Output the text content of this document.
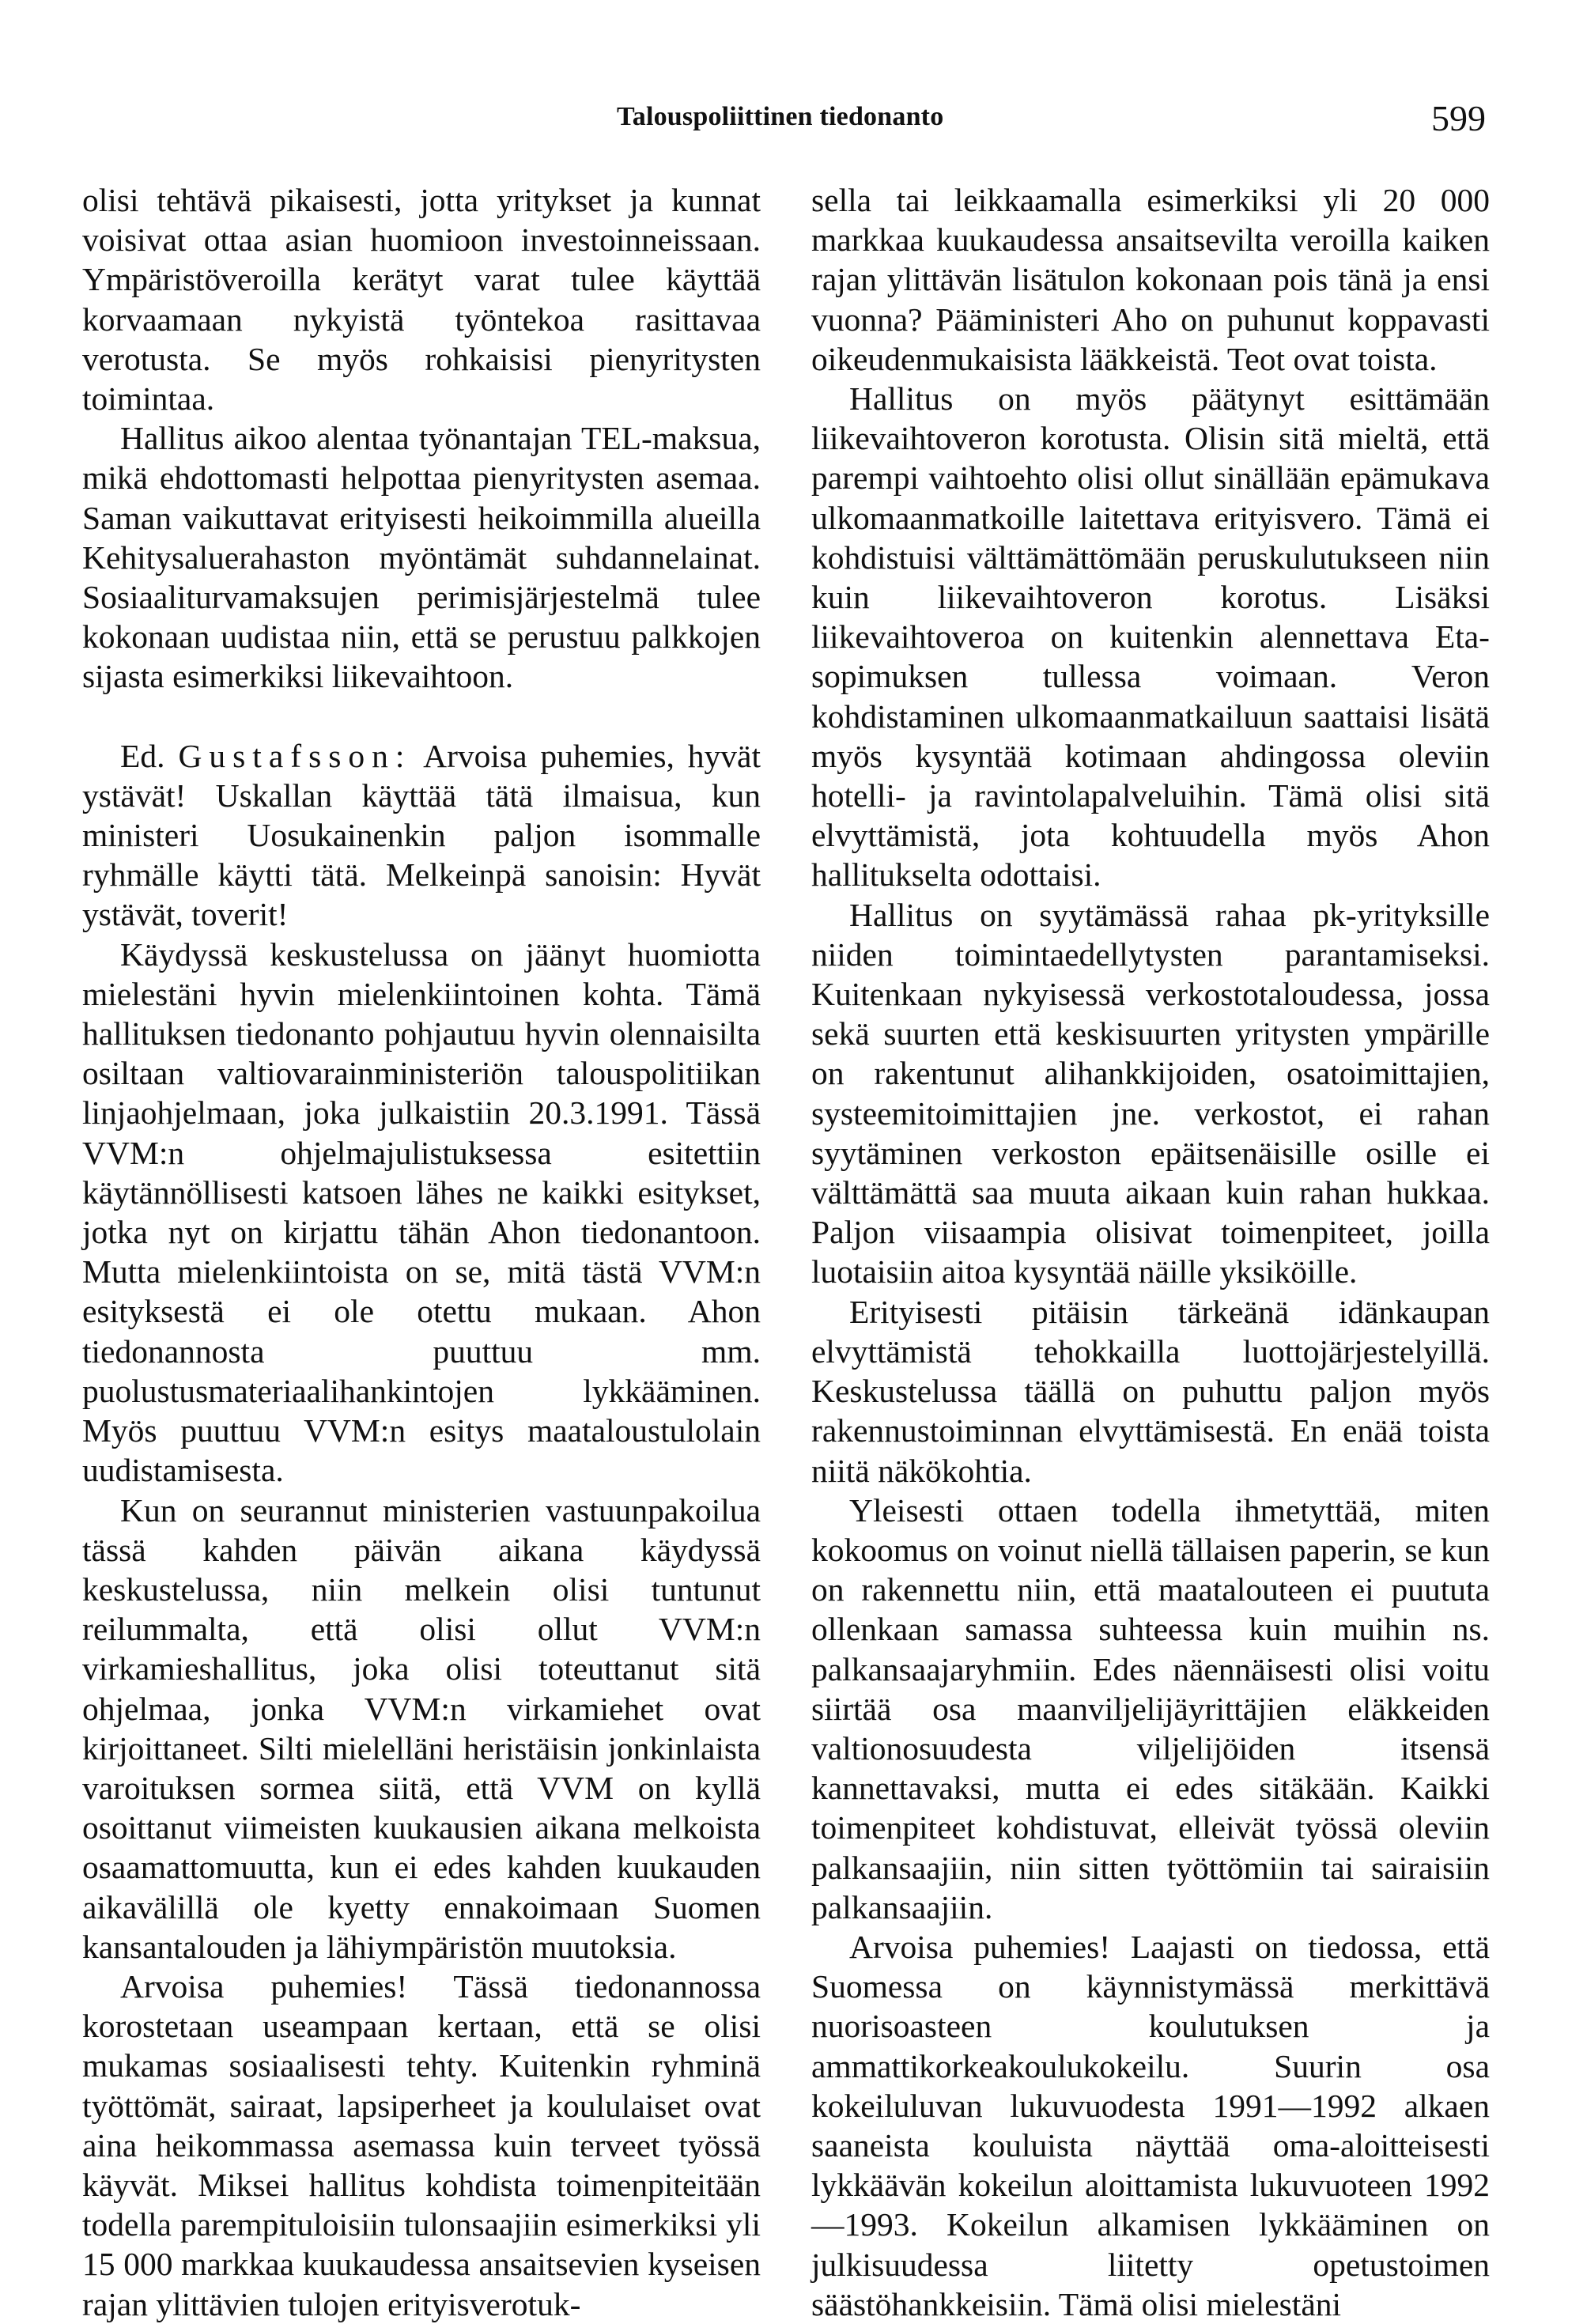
Talouspoliittinen tiedonanto	599

olisi tehtävä pikaisesti, jotta yritykset ja kunnat voisivat ottaa asian huomioon investoinneissaan. Ympäristöveroilla kerätyt varat tulee käyttää korvaamaan nykyistä työntekoa rasittavaa verotusta. Se myös rohkaisisi pienyritysten toimintaa.

Hallitus aikoo alentaa työnantajan TEL-maksua, mikä ehdottomasti helpottaa pienyritysten asemaa. Saman vaikuttavat erityisesti heikoimmilla alueilla Kehitysaluerahaston myöntämät suhdannelainat. Sosiaaliturvamaksujen perimisjärjestelmä tulee kokonaan uudistaa niin, että se perustuu palkkojen sijasta esimerkiksi liikevaihtoon.

Ed. Gustafsson: Arvoisa puhemies, hyvät ystävät! Uskallan käyttää tätä ilmaisua, kun ministeri Uosukainenkin paljon isommalle ryhmälle käytti tätä. Melkeinpä sanoisin: Hyvät ystävät, toverit!

Käydyssä keskustelussa on jäänyt huomiotta mielestäni hyvin mielenkiintoinen kohta. Tämä hallituksen tiedonanto pohjautuu hyvin olennaisilta osiltaan valtiovarainministeriön talouspolitiikan linjaohjelmaan, joka julkaistiin 20.3.1991. Tässä VVM:n ohjelmajulistuksessa esitettiin käytännöllisesti katsoen lähes ne kaikki esitykset, jotka nyt on kirjattu tähän Ahon tiedonantoon. Mutta mielenkiintoista on se, mitä tästä VVM:n esityksestä ei ole otettu mukaan. Ahon tiedonannosta puuttuu mm. puolustusmateriaalihankintojen lykkääminen. Myös puuttuu VVM:n esitys maataloustulolain uudistamisesta.

Kun on seurannut ministerien vastuunpakoilua tässä kahden päivän aikana käydyssä keskustelussa, niin melkein olisi tuntunut reilummalta, että olisi ollut VVM:n virkamieshallitus, joka olisi toteuttanut sitä ohjelmaa, jonka VVM:n virkamiehet ovat kirjoittaneet. Silti mielelläni heristäisin jonkinlaista varoituksen sormea siitä, että VVM on kyllä osoittanut viimeisten kuukausien aikana melkoista osaamattomuutta, kun ei edes kahden kuukauden aikavälillä ole kyetty ennakoimaan Suomen kansantalouden ja lähiympäristön muutoksia.

Arvoisa puhemies! Tässä tiedonannossa korostetaan useampaan kertaan, että se olisi mukamas sosiaalisesti tehty. Kuitenkin ryhminä työttömät, sairaat, lapsiperheet ja koululaiset ovat aina heikommassa asemassa kuin terveet työssä käyvät. Miksei hallitus kohdista toimenpiteitään todella parempituloisiin tulonsaajiin esimerkiksi yli 15 000 markkaa kuukaudessa ansaitsevien kyseisen rajan ylittävien tulojen erityisverotuk-

sella tai leikkaamalla esimerkiksi yli 20 000 markkaa kuukaudessa ansaitsevilta veroilla kaiken rajan ylittävän lisätulon kokonaan pois tänä ja ensi vuonna? Pääministeri Aho on puhunut koppavasti oikeudenmukaisista lääkkeistä. Teot ovat toista.

Hallitus on myös päätynyt esittämään liikevaihtoveron korotusta. Olisin sitä mieltä, että parempi vaihtoehto olisi ollut sinällään epämukava ulkomaanmatkoille laitettava erityisvero. Tämä ei kohdistuisi välttämättömään peruskulutukseen niin kuin liikevaihtoveron korotus. Lisäksi liikevaihtoveroa on kuitenkin alennettava Eta-sopimuksen tullessa voimaan. Veron kohdistaminen ulkomaanmatkailuun saattaisi lisätä myös kysyntää kotimaan ahdingossa oleviin hotelli- ja ravintolapalveluihin. Tämä olisi sitä elvyttämistä, jota kohtuudella myös Ahon hallitukselta odottaisi.

Hallitus on syytämässä rahaa pk-yrityksille niiden toimintaedellytysten parantamiseksi. Kuitenkaan nykyisessä verkostotaloudessa, jossa sekä suurten että keskisuurten yritysten ympärille on rakentunut alihankkijoiden, osatoimittajien, systeemitoimittajien jne. verkostot, ei rahan syytäminen verkoston epäitsenäisille osille ei välttämättä saa muuta aikaan kuin rahan hukkaa. Paljon viisaampia olisivat toimenpiteet, joilla luotaisiin aitoa kysyntää näille yksiköille.

Erityisesti pitäisin tärkeänä idänkaupan elvyttämistä tehokkailla luottojärjestelyillä. Keskustelussa täällä on puhuttu paljon myös rakennustoiminnan elvyttämisestä. En enää toista niitä näkökohtia.

Yleisesti ottaen todella ihmetyttää, miten kokoomus on voinut niellä tällaisen paperin, se kun on rakennettu niin, että maatalouteen ei puututa ollenkaan samassa suhteessa kuin muihin ns. palkansaajaryhmiin. Edes näennäisesti olisi voitu siirtää osa maanviljelijäyrittäjien eläkkeiden valtionosuudesta viljelijöiden itsensä kannettavaksi, mutta ei edes sitäkään. Kaikki toimenpiteet kohdistuvat, elleivät työssä oleviin palkansaajiin, niin sitten työttömiin tai sairaisiin palkansaajiin.

Arvoisa puhemies! Laajasti on tiedossa, että Suomessa on käynnistymässä merkittävä nuorisoasteen koulutuksen ja ammattikorkeakoulukokeilu. Suurin osa kokeiluluvan lukuvuodesta 1991—1992 alkaen saaneista kouluista näyttää oma-aloitteisesti lykkäävän kokeilun aloittamista lukuvuoteen 1992—1993. Kokeilun alkamisen lykkääminen on julkisuudessa liitetty opetustoimen säästöhankkeisiin. Tämä olisi mielestäni
